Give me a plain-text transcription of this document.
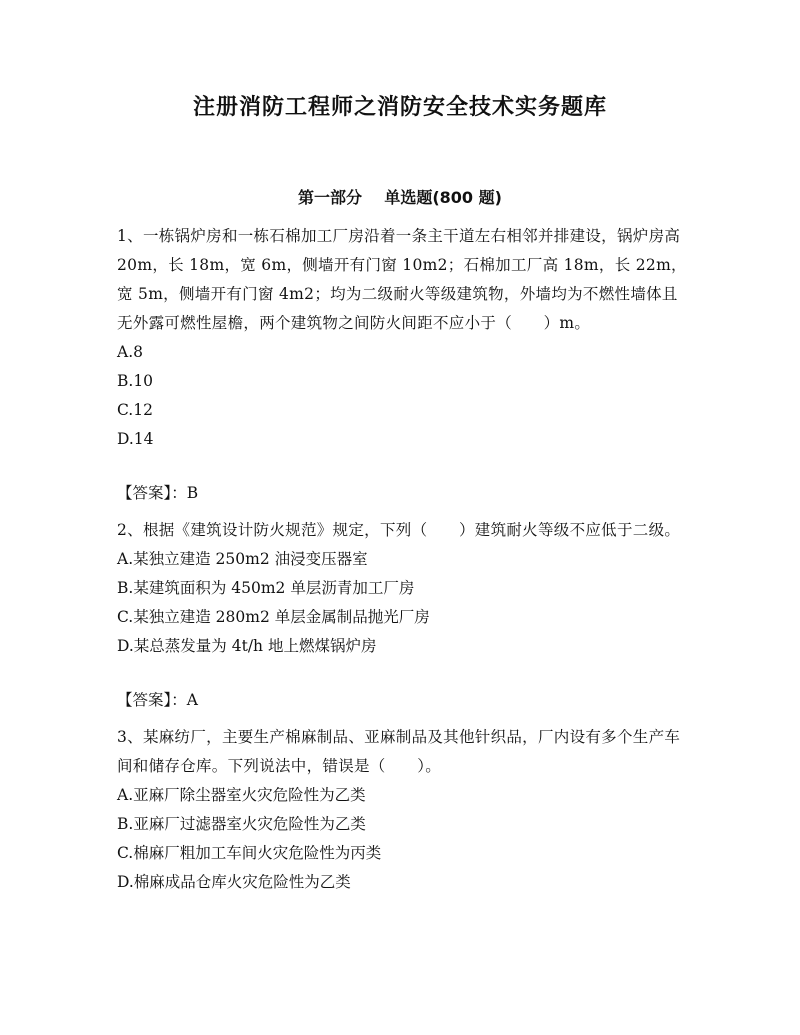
注册消防工程师之消防安全技术实务题库
第一部分    单选题(800 题)

1、一栋锅炉房和一栋石棉加工厂房沿着一条主干道左右相邻并排建设，锅炉房高 20m，长 18m，宽 6m，侧墙开有门窗 10m2；石棉加工厂高 18m，长 22m，宽 5m，侧墙开有门窗 4m2；均为二级耐火等级建筑物，外墙均为不燃性墙体且无外露可燃性屋檐，两个建筑物之间防火间距不应小于（　　）m。

A.8

B.10

C.12

D.14

【答案】：B

2、根据《建筑设计防火规范》规定，下列（　　）建筑耐火等级不应低于二级。

A.某独立建造 250m2 油浸变压器室

B.某建筑面积为 450m2 单层沥青加工厂房

C.某独立建造 280m2 单层金属制品抛光厂房

D.某总蒸发量为 4t/h 地上燃煤锅炉房

【答案】：A

3、某麻纺厂，主要生产棉麻制品、亚麻制品及其他针织品，厂内设有多个生产车间和储存仓库。下列说法中，错误是（　　）。

A.亚麻厂除尘器室火灾危险性为乙类

B.亚麻厂过滤器室火灾危险性为乙类

C.棉麻厂粗加工车间火灾危险性为丙类

D.棉麻成品仓库火灾危险性为乙类
